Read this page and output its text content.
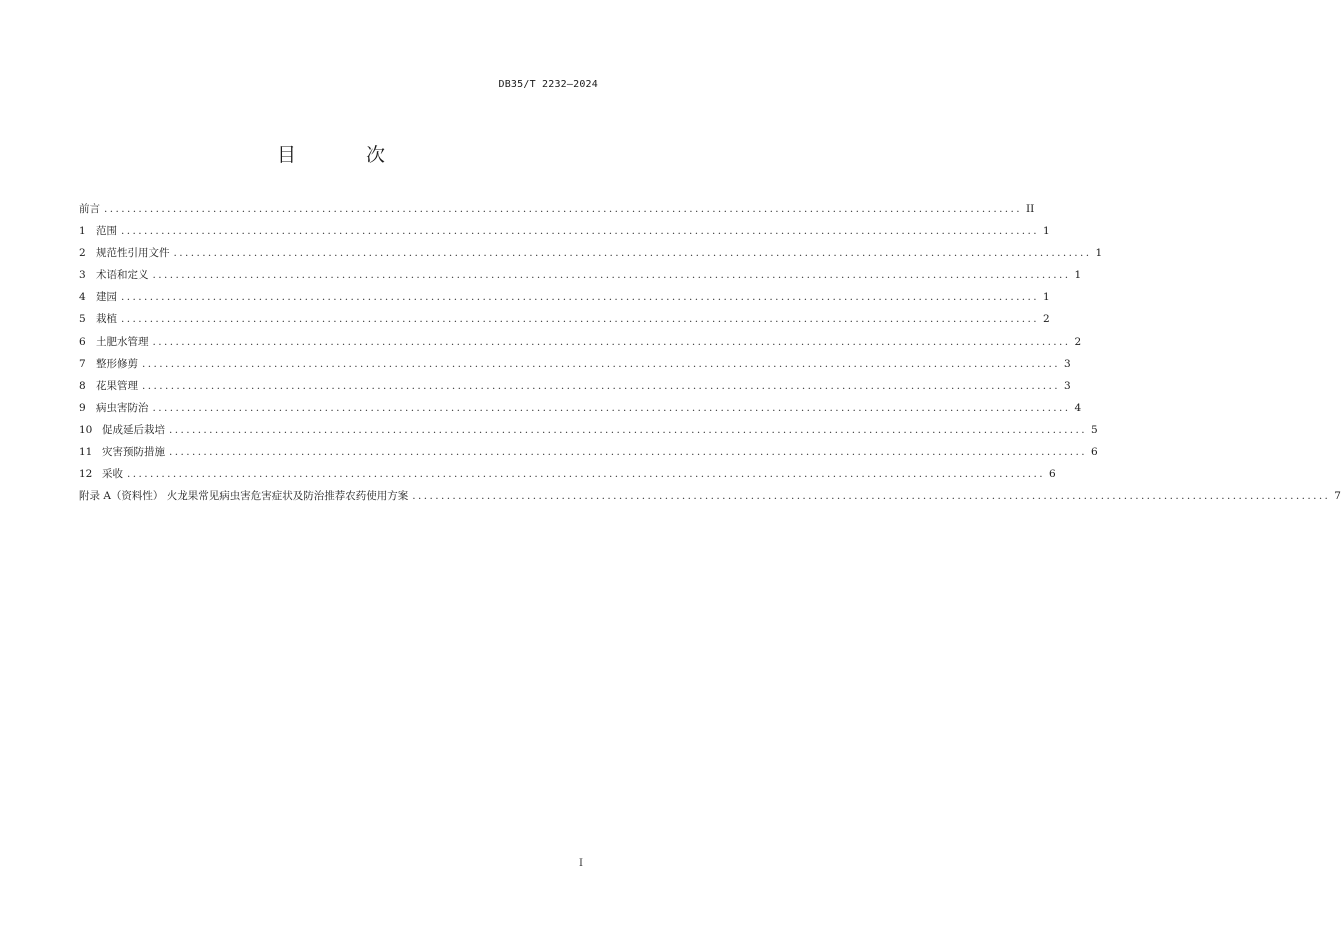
DB35/T 2232—2024
目 次
前言 ................................................................................................................................................................ II
1 范围 ................................................................................................................................................................ 1
2 规范性引用文件 ................................................................................................................................................................ 1
3 术语和定义 ................................................................................................................................................................ 1
4 建园 ................................................................................................................................................................ 1
5 栽植 ................................................................................................................................................................ 2
6 土肥水管理 ................................................................................................................................................................ 2
7 整形修剪 ................................................................................................................................................................ 3
8 花果管理 ................................................................................................................................................................ 3
9 病虫害防治 ................................................................................................................................................................ 4
10 促成延后栽培 ................................................................................................................................................................ 5
11 灾害预防措施 ................................................................................................................................................................ 6
12 采收 ................................................................................................................................................................ 6
附录 A（资料性） 火龙果常见病虫害危害症状及防治推荐农药使用方案 ................................................................................................................................................................ 7
I
